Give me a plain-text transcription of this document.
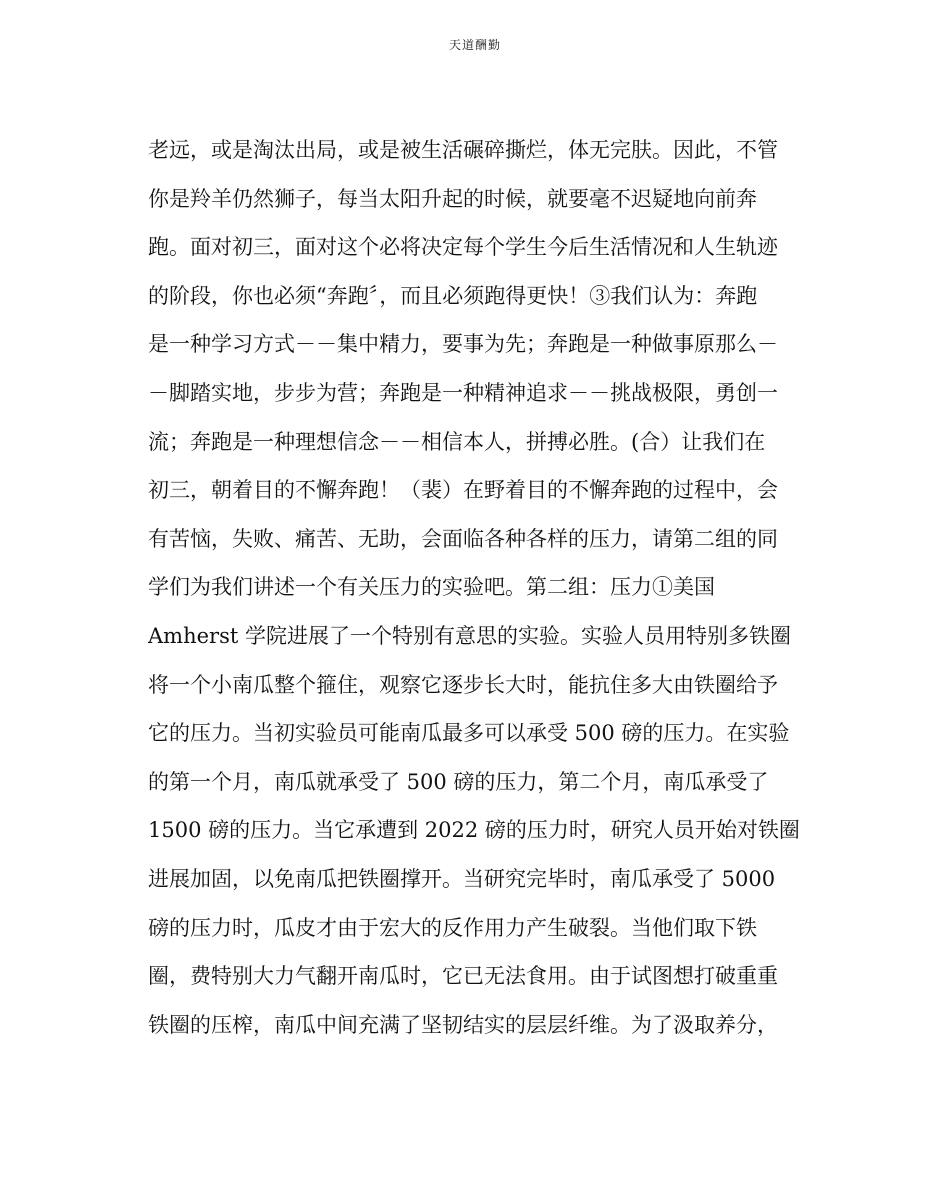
天道酬勤
老远，或是淘汰出局，或是被生活碾碎撕烂，体无完肤。因此，不管
你是羚羊仍然狮子，每当太阳升起的时候，就要毫不迟疑地向前奔
跑。面对初三，面对这个必将决定每个学生今后生活情况和人生轨迹
的阶段，你也必须“奔跑〞，而且必须跑得更快！③我们认为：奔跑
是一种学习方式－－集中精力，要事为先；奔跑是一种做事原那么－
－脚踏实地，步步为营；奔跑是一种精神追求－－挑战极限，勇创一
流；奔跑是一种理想信念－－相信本人，拼搏必胜。(合）让我们在
初三，朝着目的不懈奔跑！（裴）在野着目的不懈奔跑的过程中，会
有苦恼，失败、痛苦、无助，会面临各种各样的压力，请第二组的同
学们为我们讲述一个有关压力的实验吧。第二组：压力①美国
Amherst 学院进展了一个特别有意思的实验。实验人员用特别多铁圈
将一个小南瓜整个箍住，观察它逐步长大时，能抗住多大由铁圈给予
它的压力。当初实验员可能南瓜最多可以承受 500 磅的压力。在实验
的第一个月，南瓜就承受了 500 磅的压力，第二个月，南瓜承受了
1500 磅的压力。当它承遭到 2022 磅的压力时，研究人员开始对铁圈
进展加固，以免南瓜把铁圈撑开。当研究完毕时，南瓜承受了 5000
磅的压力时，瓜皮才由于宏大的反作用力产生破裂。当他们取下铁
圈，费特别大力气翻开南瓜时，它已无法食用。由于试图想打破重重
铁圈的压榨，南瓜中间充满了坚韧结实的层层纤维。为了汲取养分，
